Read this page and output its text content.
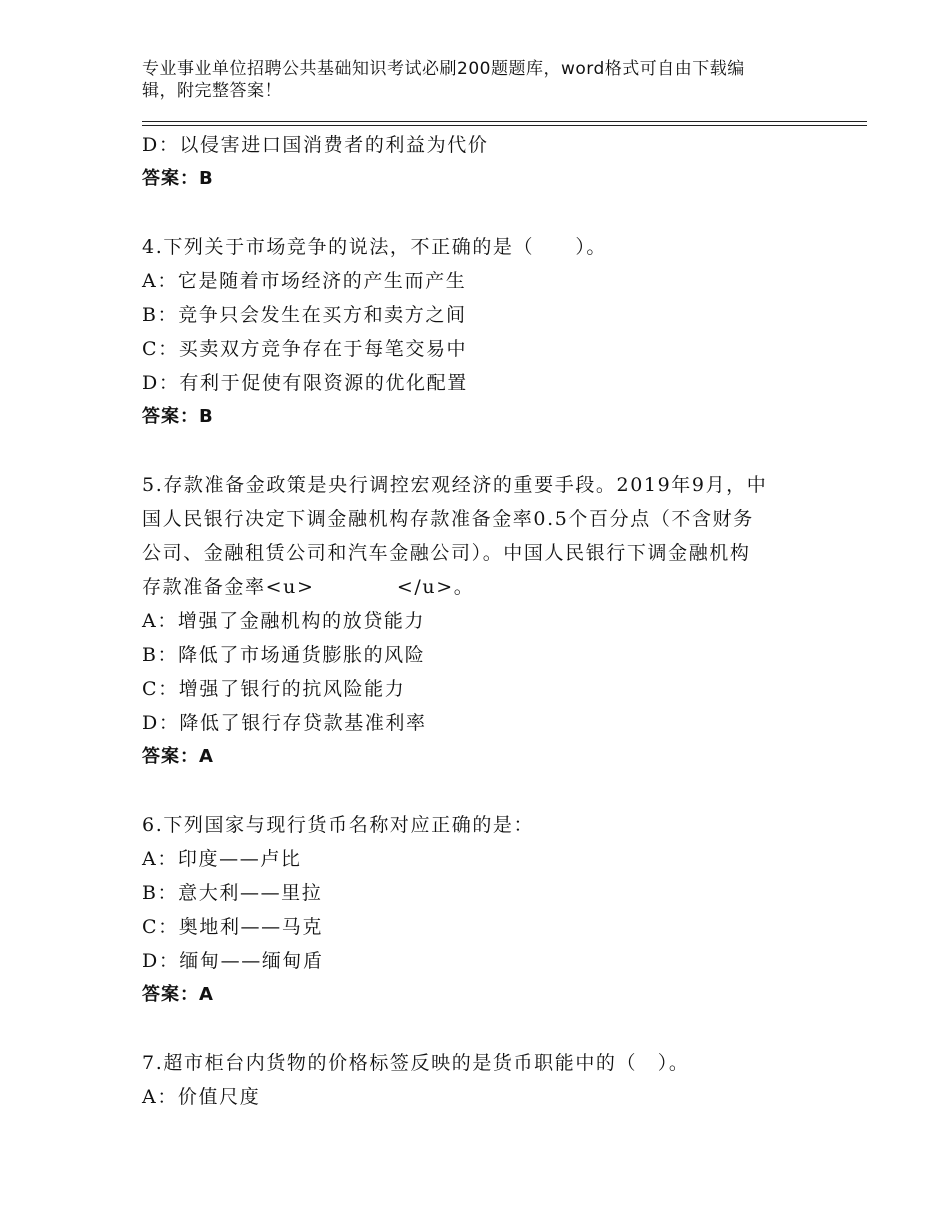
专业事业单位招聘公共基础知识考试必刷200题题库，word格式可自由下载编
辑，附完整答案！
D：以侵害进口国消费者的利益为代价
答案：B
4.下列关于市场竞争的说法，不正确的是（　　）。
A：它是随着市场经济的产生而产生
B：竞争只会发生在买方和卖方之间
C：买卖双方竞争存在于每笔交易中
D：有利于促使有限资源的优化配置
答案：B
5.存款准备金政策是央行调控宏观经济的重要手段。2019年9月，中
国人民银行决定下调金融机构存款准备金率0.5个百分点（不含财务
公司、金融租赁公司和汽车金融公司）。中国人民银行下调金融机构
存款准备金率<u>　　　　</u>。
A：增强了金融机构的放贷能力
B：降低了市场通货膨胀的风险
C：增强了银行的抗风险能力
D：降低了银行存贷款基准利率
答案：A
6.下列国家与现行货币名称对应正确的是：
A：印度——卢比
B：意大利——里拉
C：奥地利——马克
D：缅甸——缅甸盾
答案：A
7.超市柜台内货物的价格标签反映的是货币职能中的（　）。
A：价值尺度
